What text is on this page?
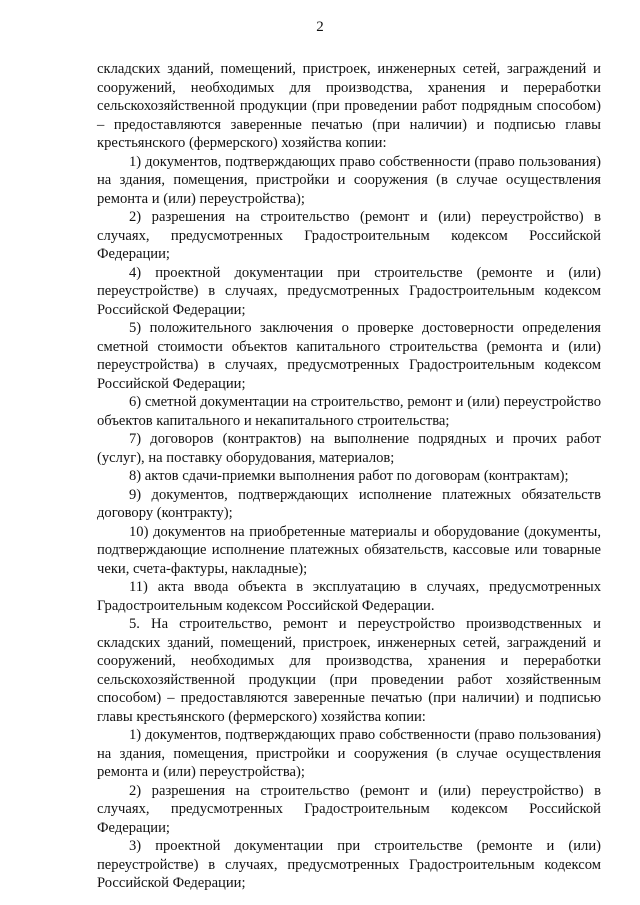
2

складских зданий, помещений, пристроек, инженерных сетей, заграждений и сооружений, необходимых для производства, хранения и переработки сельскохозяйственной продукции (при проведении работ подрядным способом) – предоставляются заверенные печатью (при наличии) и подписью главы крестьянского (фермерского) хозяйства копии:

1) документов, подтверждающих право собственности (право пользования) на здания, помещения, пристройки и сооружения (в случае осуществления ремонта и (или) переустройства);

2) разрешения на строительство (ремонт и (или) переустройство) в случаях, предусмотренных Градостроительным кодексом Российской Федерации;

4) проектной документации при строительстве (ремонте и (или) переустройстве) в случаях, предусмотренных Градостроительным кодексом Российской Федерации;

5) положительного заключения о проверке достоверности определения сметной стоимости объектов капитального строительства (ремонта и (или) переустройства) в случаях, предусмотренных Градостроительным кодексом Российской Федерации;

6) сметной документации на строительство, ремонт и (или) переустройство объектов капитального и некапитального строительства;

7) договоров (контрактов) на выполнение подрядных и прочих работ (услуг), на поставку оборудования, материалов;

8) актов сдачи-приемки выполнения работ по договорам (контрактам);

9) документов, подтверждающих исполнение платежных обязательств договору (контракту);

10) документов на приобретенные материалы и оборудование (документы, подтверждающие исполнение платежных обязательств, кассовые или товарные чеки, счета-фактуры, накладные);

11) акта ввода объекта в эксплуатацию в случаях, предусмотренных Градостроительным кодексом Российской Федерации.

5. На строительство, ремонт и переустройство производственных и складских зданий, помещений, пристроек, инженерных сетей, заграждений и сооружений, необходимых для производства, хранения и переработки сельскохозяйственной продукции (при проведении работ хозяйственным способом) – предоставляются заверенные печатью (при наличии) и подписью главы крестьянского (фермерского) хозяйства копии:

1) документов, подтверждающих право собственности (право пользования) на здания, помещения, пристройки и сооружения (в случае осуществления ремонта и (или) переустройства);

2) разрешения на строительство (ремонт и (или) переустройство) в случаях, предусмотренных Градостроительным кодексом Российской Федерации;

3) проектной документации при строительстве (ремонте и (или) переустройстве) в случаях, предусмотренных Градостроительным кодексом Российской Федерации;
